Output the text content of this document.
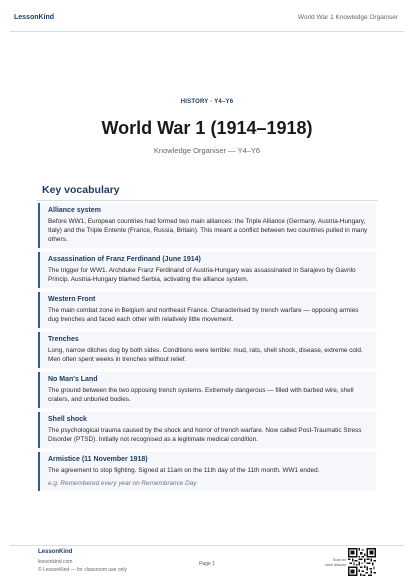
LessonKind	World War 1 Knowledge Organiser
HISTORY · Y4–Y6
World War 1 (1914–1918)
Knowledge Organiser — Y4–Y6
Key vocabulary
Alliance system
Before WW1, European countries had formed two main alliances: the Triple Alliance (Germany, Austria-Hungary, Italy) and the Triple Entente (France, Russia, Britain). This meant a conflict between two countries pulled in many others.
Assassination of Franz Ferdinand (June 1914)
The trigger for WW1. Archduke Franz Ferdinand of Austria-Hungary was assassinated in Sarajevo by Gavrilo Princip. Austria-Hungary blamed Serbia, activating the alliance system.
Western Front
The main combat zone in Belgium and northeast France. Characterised by trench warfare — opposing armies dug trenches and faced each other with relatively little movement.
Trenches
Long, narrow ditches dug by both sides. Conditions were terrible: mud, rats, shell shock, disease, extreme cold. Men often spent weeks in trenches without relief.
No Man's Land
The ground between the two opposing trench systems. Extremely dangerous — filled with barbed wire, shell craters, and unburied bodies.
Shell shock
The psychological trauma caused by the shock and horror of trench warfare. Now called Post-Traumatic Stress Disorder (PTSD). Initially not recognised as a legitimate medical condition.
Armistice (11 November 1918)
The agreement to stop fighting. Signed at 11am on the 11th day of the 11th month. WW1 ended.
e.g. Remembered every year on Remembrance Day
LessonKind
lessonkind.com
© LessonKind — for classroom use only
Page 1
Scan for
more lessons
